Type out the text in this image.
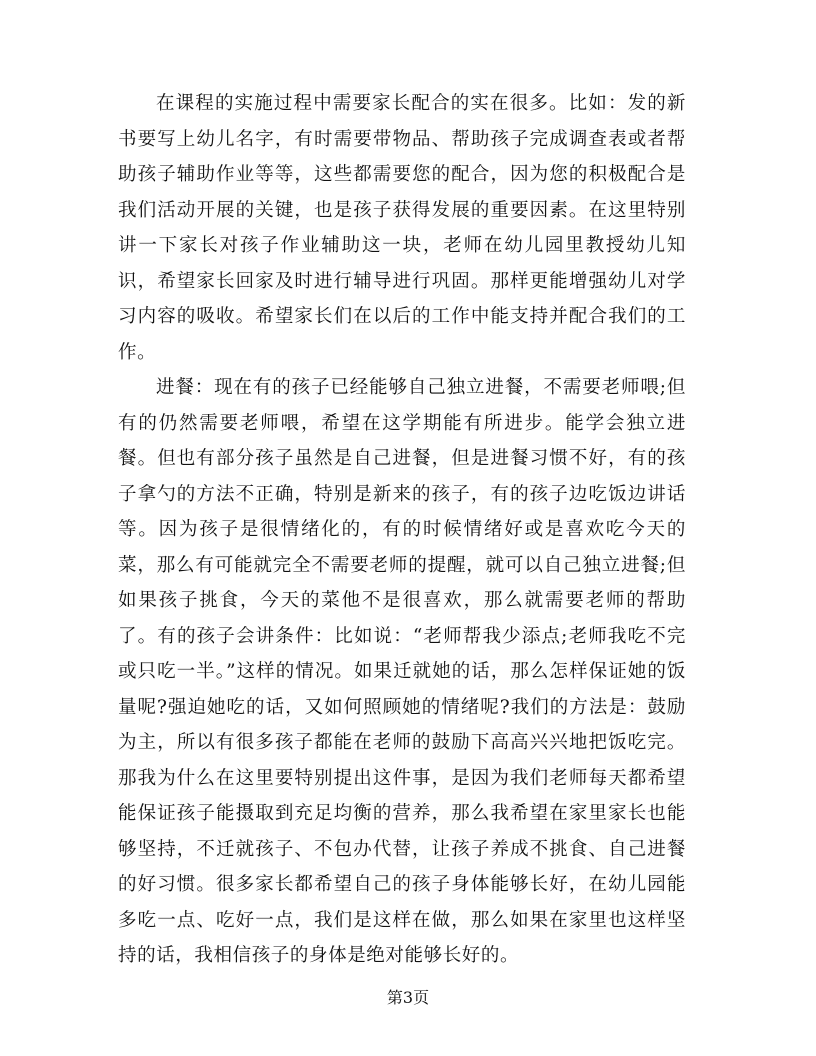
在课程的实施过程中需要家长配合的实在很多。比如：发的新书要写上幼儿名字，有时需要带物品、帮助孩子完成调查表或者帮助孩子辅助作业等等，这些都需要您的配合，因为您的积极配合是我们活动开展的关键，也是孩子获得发展的重要因素。在这里特别讲一下家长对孩子作业辅助这一块，老师在幼儿园里教授幼儿知识，希望家长回家及时进行辅导进行巩固。那样更能增强幼儿对学习内容的吸收。希望家长们在以后的工作中能支持并配合我们的工作。

进餐：现在有的孩子已经能够自己独立进餐，不需要老师喂;但有的仍然需要老师喂，希望在这学期能有所进步。能学会独立进餐。但也有部分孩子虽然是自己进餐，但是进餐习惯不好，有的孩子拿勺的方法不正确，特别是新来的孩子，有的孩子边吃饭边讲话等。因为孩子是很情绪化的，有的时候情绪好或是喜欢吃今天的菜，那么有可能就完全不需要老师的提醒，就可以自己独立进餐;但如果孩子挑食，今天的菜他不是很喜欢，那么就需要老师的帮助了。有的孩子会讲条件：比如说：“老师帮我少添点;老师我吃不完或只吃一半。”这样的情况。如果迁就她的话，那么怎样保证她的饭量呢?强迫她吃的话，又如何照顾她的情绪呢?我们的方法是：鼓励为主，所以有很多孩子都能在老师的鼓励下高高兴兴地把饭吃完。那我为什么在这里要特别提出这件事，是因为我们老师每天都希望能保证孩子能摄取到充足均衡的营养，那么我希望在家里家长也能够坚持，不迁就孩子、不包办代替，让孩子养成不挑食、自己进餐的好习惯。很多家长都希望自己的孩子身体能够长好，在幼儿园能多吃一点、吃好一点，我们是这样在做，那么如果在家里也这样坚持的话，我相信孩子的身体是绝对能够长好的。

第3页
